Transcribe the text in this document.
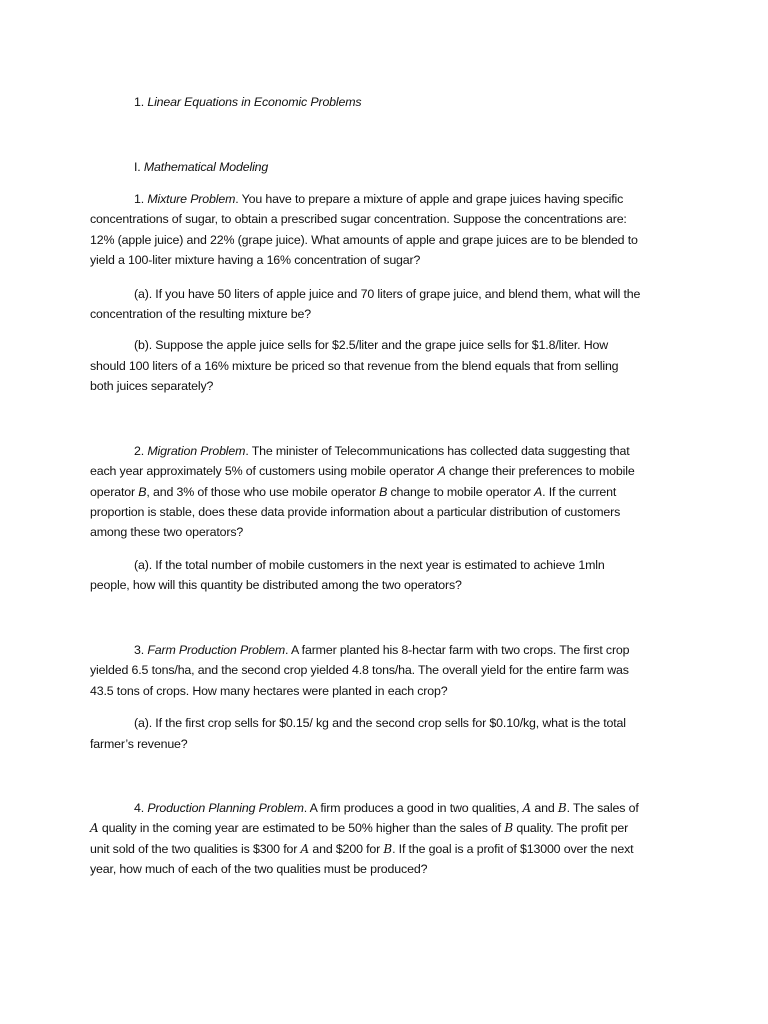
1. Linear Equations in Economic Problems
I. Mathematical Modeling
1. Mixture Problem. You have to prepare a mixture of apple and grape juices having specific
concentrations of sugar, to obtain a prescribed sugar concentration. Suppose the concentrations are:
12% (apple juice) and 22% (grape juice). What amounts of apple and grape juices are to be blended to
yield a 100-liter mixture having a 16% concentration of sugar?
(a). If you have 50 liters of apple juice and 70 liters of grape juice, and blend them, what will the
concentration of the resulting mixture be?
(b). Suppose the apple juice sells for $2.5/liter and the grape juice sells for $1.8/liter. How
should 100 liters of a 16% mixture be priced so that revenue from the blend equals that from selling
both juices separately?
2. Migration Problem. The minister of Telecommunications has collected data suggesting that
each year approximately 5% of customers using mobile operator A change their preferences to mobile
operator B, and 3% of those who use mobile operator B change to mobile operator A. If the current
proportion is stable, does these data provide information about a particular distribution of customers
among these two operators?
(a). If the total number of mobile customers in the next year is estimated to achieve 1mln
people, how will this quantity be distributed among the two operators?
3. Farm Production Problem. A farmer planted his 8-hectar farm with two crops. The first crop
yielded 6.5 tons/ha, and the second crop yielded 4.8 tons/ha. The overall yield for the entire farm was
43.5 tons of crops. How many hectares were planted in each crop?
(a). If the first crop sells for $0.15/ kg and the second crop sells for $0.10/kg, what is the total
farmer’s revenue?
4. Production Planning Problem. A firm produces a good in two qualities, A and B. The sales of
A quality in the coming year are estimated to be 50% higher than the sales of B quality. The profit per
unit sold of the two qualities is $300 for A and $200 for B. If the goal is a profit of $13000 over the next
year, how much of each of the two qualities must be produced?
